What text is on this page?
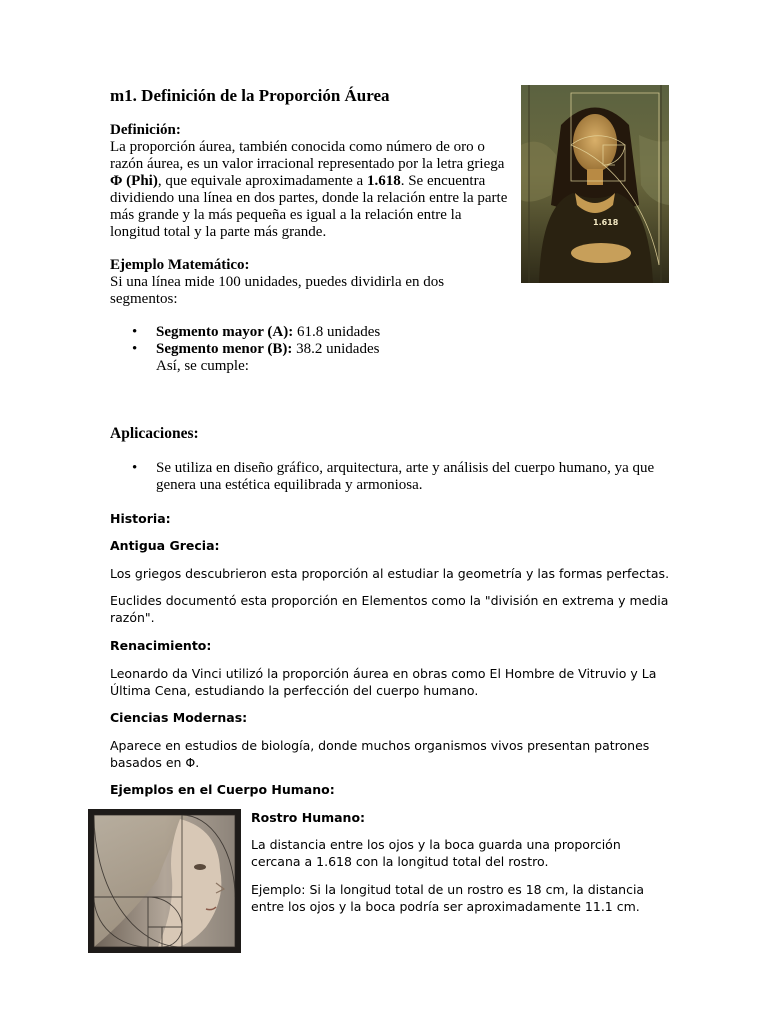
m1. Definición de la Proporción Áurea
Definición:
La proporción áurea, también conocida como número de oro o razón áurea, es un valor irracional representado por la letra griega Φ (Phi), que equivale aproximadamente a 1.618. Se encuentra dividiendo una línea en dos partes, donde la relación entre la parte más grande y la más pequeña es igual a la relación entre la longitud total y la parte más grande.
Ejemplo Matemático:
Si una línea mide 100 unidades, puedes dividirla en dos segmentos:
• Segmento mayor (A): 61.8 unidades
• Segmento menor (B): 38.2 unidades
Así, se cumple:
Aplicaciones:
• Se utiliza en diseño gráfico, arquitectura, arte y análisis del cuerpo humano, ya que genera una estética equilibrada y armoniosa.
Historia:
Antigua Grecia:
Los griegos descubrieron esta proporción al estudiar la geometría y las formas perfectas.
Euclides documentó esta proporción en Elementos como la "división en extrema y media razón".
Renacimiento:
Leonardo da Vinci utilizó la proporción áurea en obras como El Hombre de Vitruvio y La Última Cena, estudiando la perfección del cuerpo humano.
Ciencias Modernas:
Aparece en estudios de biología, donde muchos organismos vivos presentan patrones basados en Φ.
Ejemplos en el Cuerpo Humano:
Rostro Humano:
La distancia entre los ojos y la boca guarda una proporción cercana a 1.618 con la longitud total del rostro.
Ejemplo: Si la longitud total de un rostro es 18 cm, la distancia entre los ojos y la boca podría ser aproximadamente 11.1 cm.
1.618
